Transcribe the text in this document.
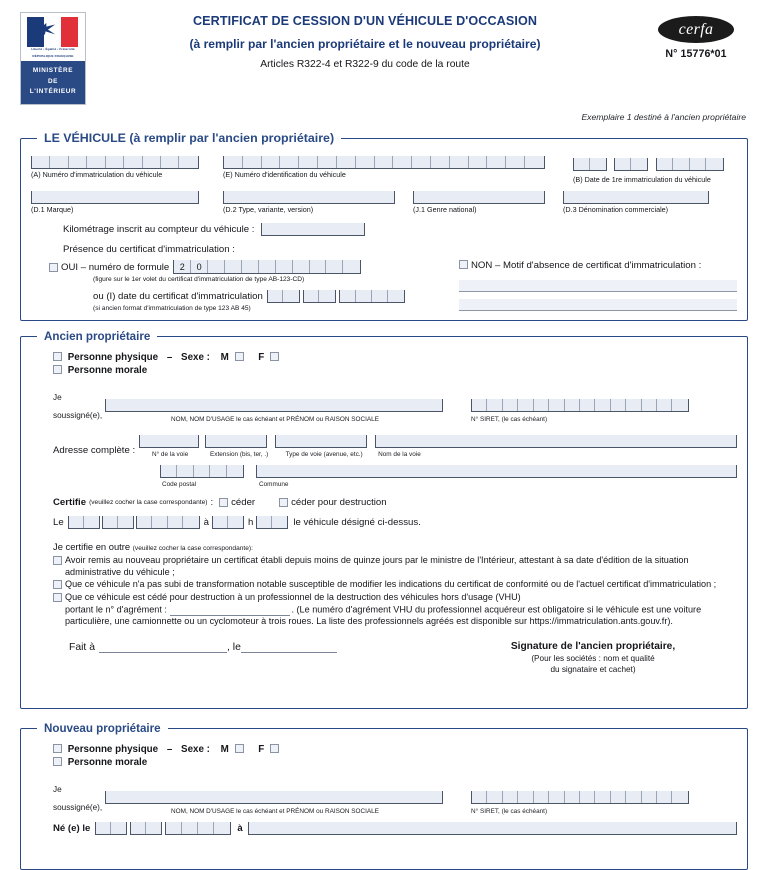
Liberté • Égalité • Fraternité
RÉPUBLIQUE FRANÇAISE
MINISTÈRE
DE
L'INTÉRIEUR
CERTIFICAT DE CESSION D'UN VÉHICULE D'OCCASION
(à remplir par l'ancien propriétaire et le nouveau propriétaire)
Articles R322-4 et R322-9 du code de la route
cerfa
N° 15776*01
Exemplaire 1 destiné à l'ancien propriétaire
LE VÉHICULE (à remplir par l'ancien propriétaire)
(A) Numéro d'immatriculation du véhicule	(E) Numéro d'identification du véhicule

(B) Date de 1re immatriculation du véhicule
(D.1 Marque)	(D.2 Type, variante, version)	(J.1 Genre national)	(D.3 Dénomination commerciale)
Kilométrage inscrit au compteur du véhicule :
Présence du certificat d'immatriculation :
OUI – numéro de formule	2	0
(figure sur le 1er volet du certificat d'immatriculation de type AB-123-CD)
ou (I) date du certificat d'immatriculation
(si ancien format d'immatriculation de type 123 AB 45)
NON – Motif d'absence de certificat d'immatriculation :

Ancien propriétaire
Personne physique – Sexe : M	F
Personne morale
Je soussigné(e),	NOM, NOM D'USAGE le cas échéant et PRÉNOM ou RAISON SOCIALE	N° SIRET, (le cas échéant)
Adresse complète :	N° de la voie	Extension (bis, ter, .)	Type de voie (avenue, etc.)	Nom de la voie
Code postal	Commune
Certifie (veuillez cocher la case correspondante) : céder	céder pour destruction
Le	à	h	le véhicule désigné ci-dessus.
Je certifie en outre (veuillez cocher la case correspondante):

Avoir remis au nouveau propriétaire un certificat établi depuis moins de quinze jours par le ministre de l'Intérieur, attestant à sa date d'édition de la situation administrative du véhicule ;

Que ce véhicule n'a pas subi de transformation notable susceptible de modifier les indications du certificat de conformité ou de l'actuel certificat d'immatriculation ;

Que ce véhicule est cédé pour destruction à un professionnel de la destruction des véhicules hors d'usage (VHU)
portant le n° d'agrément :	. (Le numéro d'agrément VHU du professionnel acquéreur est obligatoire si le véhicule est une voiture particulière, une camionnette ou un cyclomoteur à trois roues. La liste des professionnels agréés est disponible sur https://immatriculation.ants.gouv.fr).

Fait à	, le	Signature de l'ancien propriétaire,
(Pour les sociétés : nom et qualité
du signataire et cachet)
Nouveau propriétaire
Personne physique – Sexe : M	F
Personne morale
Je soussigné(e),	NOM, NOM D'USAGE le cas échéant et PRÉNOM ou RAISON SOCIALE	N° SIRET, (le cas échéant)
Né (e) le	à
